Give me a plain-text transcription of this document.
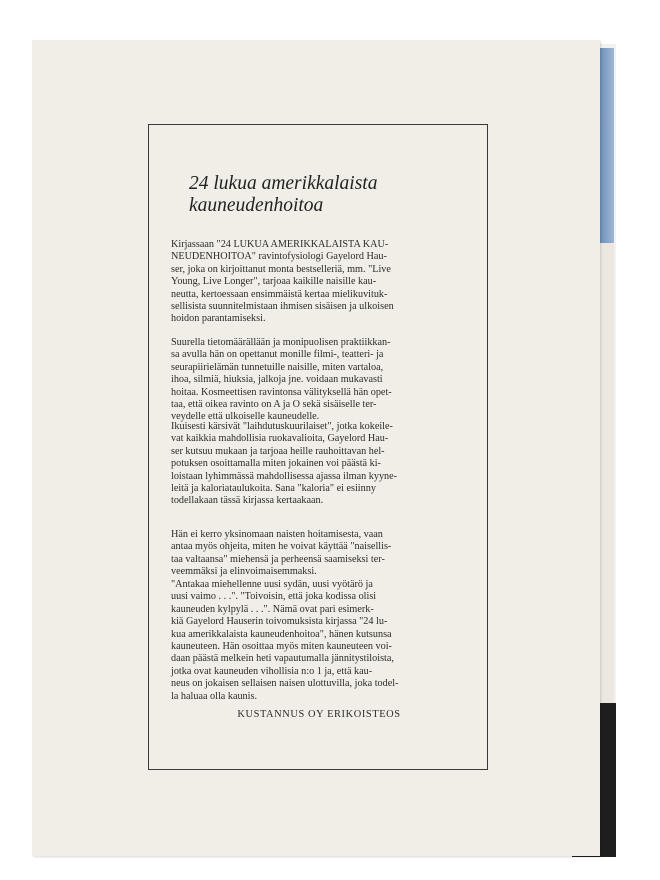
24 lukua amerikkalaista
kauneudenhoitoa

Kirjassaan "24 LUKUA AMERIKKALAISTA KAU-
NEUDENHOITOA" ravintofysiologi Gayelord Hau-
ser, joka on kirjoittanut monta bestselleriä, mm. "Live
Young, Live Longer", tarjoaa kaikille naisille kau-
neutta, kertoessaan ensimmäistä kertaa mielikuvituk-
sellisista suunnitelmistaan ihmisen sisäisen ja ulkoisen
hoidon parantamiseksi.

Suurella tietomäärällään ja monipuolisen praktiikkan-
sa avulla hän on opettanut monille filmi-, teatteri- ja
seurapiirielämän tunnetuille naisille, miten vartaloa,
ihoa, silmiä, hiuksia, jalkoja jne. voidaan mukavasti
hoitaa. Kosmeettisen ravintonsa välityksellä hän opet-
taa, että oikea ravinto on A ja O sekä sisäiselle ter-
veydelle että ulkoiselle kauneudelle.

Ikuisesti kärsivät "laihdutuskuurilaiset", jotka kokeile-
vat kaikkia mahdollisia ruokavalioita, Gayelord Hau-
ser kutsuu mukaan ja tarjoaa heille rauhoittavan hel-
potuksen osoittamalla miten jokainen voi päästä ki-
loistaan lyhimmässä mahdollisessa ajassa ilman kyyne-
leitä ja kaloriataulukoita. Sana "kaloria" ei esiinny
todellakaan tässä kirjassa kertaakaan.

Hän ei kerro yksinomaan naisten hoitamisesta, vaan
antaa myös ohjeita, miten he voivat käyttää "naisellis-
taa valtaansa" miehensä ja perheensä saamiseksi ter-
veemmäksi ja elinvoimaisemmaksi.

"Antakaa miehellenne uusi sydän, uusi vyötärö ja
uusi vaimo . . .". "Toivoisin, että joka kodissa olisi
kauneuden kylpylä . . .". Nämä ovat pari esimerk-
kiä Gayelord Hauserin toivomuksista kirjassa "24 lu-
kua amerikkalaista kauneudenhoitoa", hänen kutsunsa
kauneuteen. Hän osoittaa myös miten kauneuteen voi-
daan päästä melkein heti vapautumalla jännitystiloista,
jotka ovat kauneuden vihollisia n:o 1 ja, että kau-
neus on jokaisen sellaisen naisen ulottuvilla, joka todel-
la haluaa olla kaunis.

KUSTANNUS OY ERIKOISTEOS
